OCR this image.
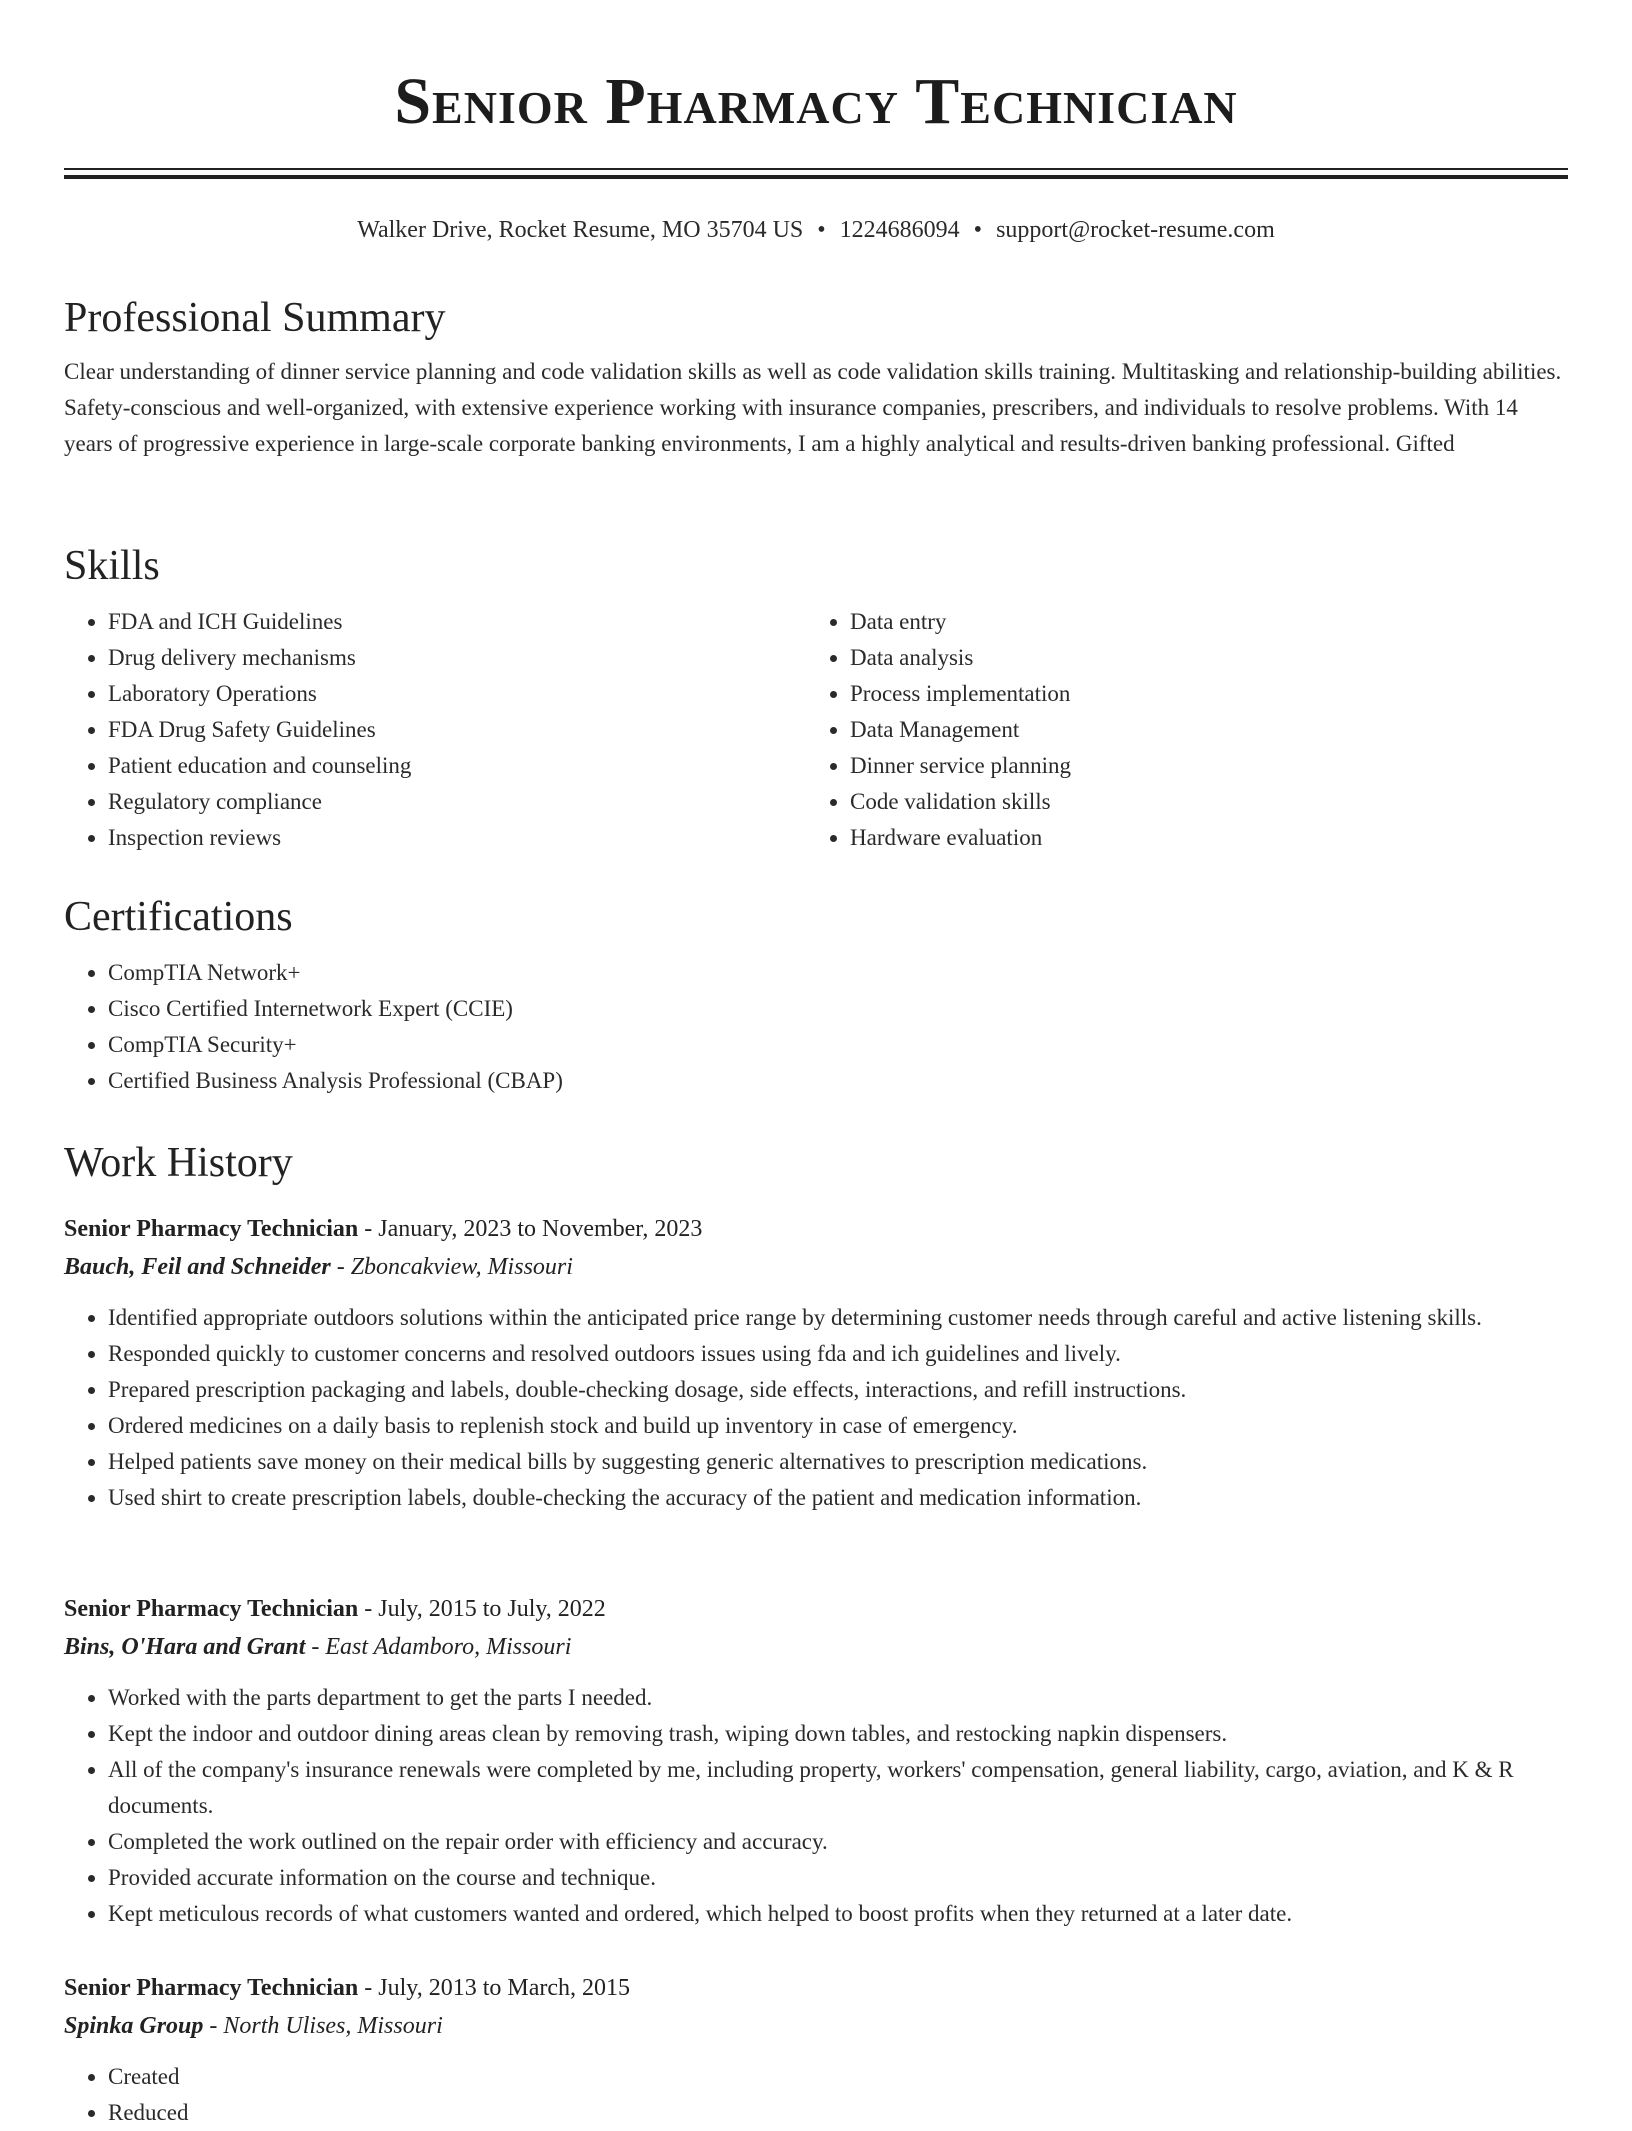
Senior Pharmacy Technician
Walker Drive, Rocket Resume, MO 35704 US • 1224686094 • support@rocket-resume.com
Professional Summary

Clear understanding of dinner service planning and code validation skills as well as code validation skills training. Multitasking and relationship-building abilities. Safety-conscious and well-organized, with extensive experience working with insurance companies, prescribers, and individuals to resolve problems. With 14 years of progressive experience in large-scale corporate banking environments, I am a highly analytical and results-driven banking professional. Gifted

Skills
• FDA and ICH Guidelines
• Drug delivery mechanisms
• Laboratory Operations
• FDA Drug Safety Guidelines
• Patient education and counseling
• Regulatory compliance
• Inspection reviews
• Data entry
• Data analysis
• Process implementation
• Data Management
• Dinner service planning
• Code validation skills
• Hardware evaluation
Certifications
• CompTIA Network+
• Cisco Certified Internetwork Expert (CCIE)
• CompTIA Security+
• Certified Business Analysis Professional (CBAP)
Work History
Senior Pharmacy Technician - January, 2023 to November, 2023
Bauch, Feil and Schneider - Zboncakview, Missouri
• Identified appropriate outdoors solutions within the anticipated price range by determining customer needs through careful and active listening skills.
• Responded quickly to customer concerns and resolved outdoors issues using fda and ich guidelines and lively.
• Prepared prescription packaging and labels, double-checking dosage, side effects, interactions, and refill instructions.
• Ordered medicines on a daily basis to replenish stock and build up inventory in case of emergency.
• Helped patients save money on their medical bills by suggesting generic alternatives to prescription medications.
• Used shirt to create prescription labels, double-checking the accuracy of the patient and medication information.
Senior Pharmacy Technician - July, 2015 to July, 2022
Bins, O'Hara and Grant - East Adamboro, Missouri
• Worked with the parts department to get the parts I needed.
• Kept the indoor and outdoor dining areas clean by removing trash, wiping down tables, and restocking napkin dispensers.
• All of the company's insurance renewals were completed by me, including property, workers' compensation, general liability, cargo, aviation, and K & R documents.
• Completed the work outlined on the repair order with efficiency and accuracy.
• Provided accurate information on the course and technique.
• Kept meticulous records of what customers wanted and ordered, which helped to boost profits when they returned at a later date.
Senior Pharmacy Technician - July, 2013 to March, 2015
Spinka Group - North Ulises, Missouri
• Created
• Reduced
